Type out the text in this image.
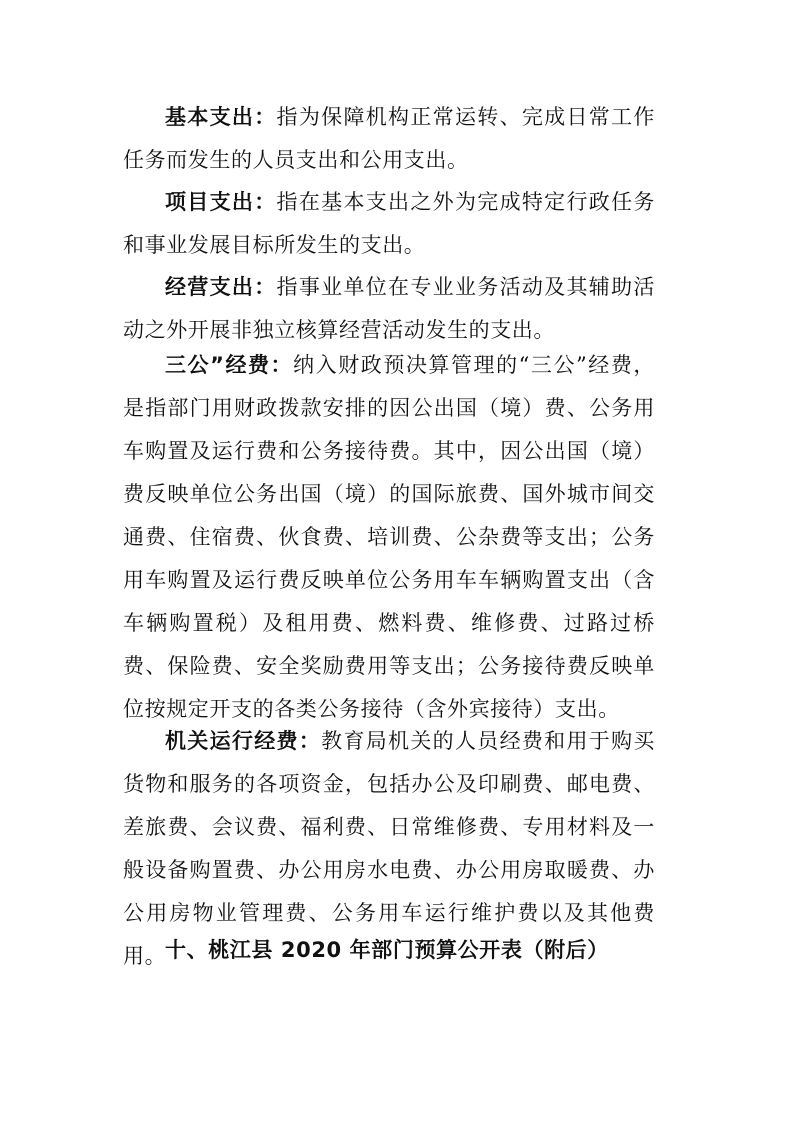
基本支出：指为保障机构正常运转、完成日常工作任务而发生的人员支出和公用支出。

项目支出：指在基本支出之外为完成特定行政任务和事业发展目标所发生的支出。

经营支出：指事业单位在专业业务活动及其辅助活动之外开展非独立核算经营活动发生的支出。

三公”经费：纳入财政预决算管理的“三公”经费，是指部门用财政拨款安排的因公出国（境）费、公务用车购置及运行费和公务接待费。其中，因公出国（境）费反映单位公务出国（境）的国际旅费、国外城市间交通费、住宿费、伙食费、培训费、公杂费等支出；公务用车购置及运行费反映单位公务用车车辆购置支出（含车辆购置税）及租用费、燃料费、维修费、过路过桥费、保险费、安全奖励费用等支出；公务接待费反映单位按规定开支的各类公务接待（含外宾接待）支出。

机关运行经费：教育局机关的人员经费和用于购买货物和服务的各项资金，包括办公及印刷费、邮电费、差旅费、会议费、福利费、日常维修费、专用材料及一般设备购置费、办公用房水电费、办公用房取暖费、办公用房物业管理费、公务用车运行维护费以及其他费用。

十、桃江县 2020 年部门预算公开表（附后）
